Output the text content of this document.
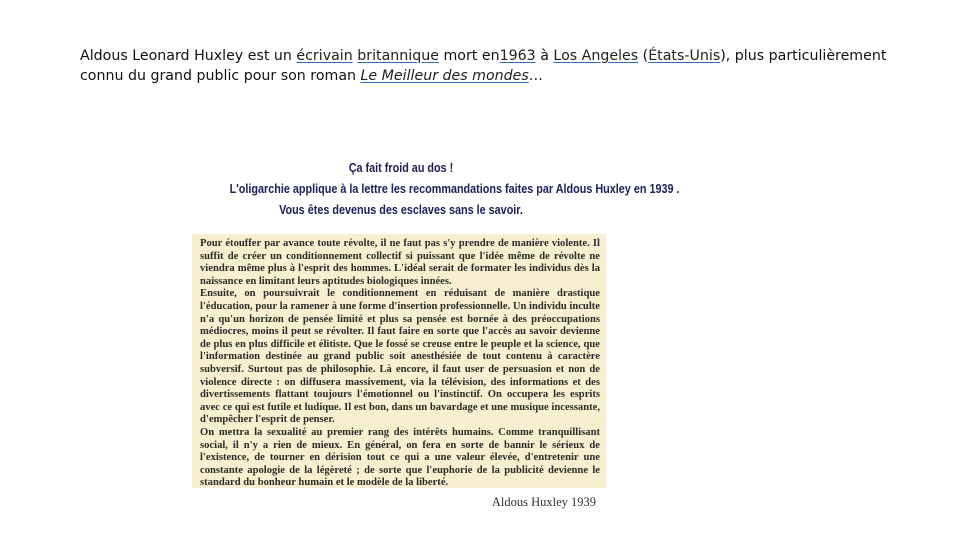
Aldous Leonard Huxley est un écrivain britannique mort en1963 à Los Angeles (États-Unis), plus particulièrement connu du grand public pour son roman Le Meilleur des mondes…
Ça fait froid au dos !
L'oligarchie applique à la lettre les recommandations faites par Aldous Huxley en 1939 .
Vous êtes devenus des esclaves sans le savoir.

Pour étouffer par avance toute révolte, il ne faut pas s'y prendre de manière violente. Il suffit de créer un conditionnement collectif si puissant que l'idée même de révolte ne viendra même plus à l'esprit des hommes. L'idéal serait de formater les individus dès la naissance en limitant leurs aptitudes biologiques innées.

Ensuite, on poursuivrait le conditionnement en réduisant de manière drastique l'éducation, pour la ramener à une forme d'insertion professionnelle. Un individu inculte n'a qu'un horizon de pensée limité et plus sa pensée est bornée à des préoccupations médiocres, moins il peut se révolter. Il faut faire en sorte que l'accès au savoir devienne de plus en plus difficile et élitiste. Que le fossé se creuse entre le peuple et la science, que l'information destinée au grand public soit anesthésiée de tout contenu à caractère subversif. Surtout pas de philosophie. Là encore, il faut user de persuasion et non de violence directe : on diffusera massivement, via la télévision, des informations et des divertissements flattant toujours l'émotionnel ou l'instinctif. On occupera les esprits avec ce qui est futile et ludique. Il est bon, dans un bavardage et une musique incessante, d'empêcher l'esprit de penser.

On mettra la sexualité au premier rang des intérêts humains. Comme tranquillisant social, il n'y a rien de mieux. En général, on fera en sorte de bannir le sérieux de l'existence, de tourner en dérision tout ce qui a une valeur élevée, d'entretenir une constante apologie de la légèreté ; de sorte que l'euphorie de la publicité devienne le standard du bonheur humain et le modèle de la liberté.

Aldous Huxley 1939
